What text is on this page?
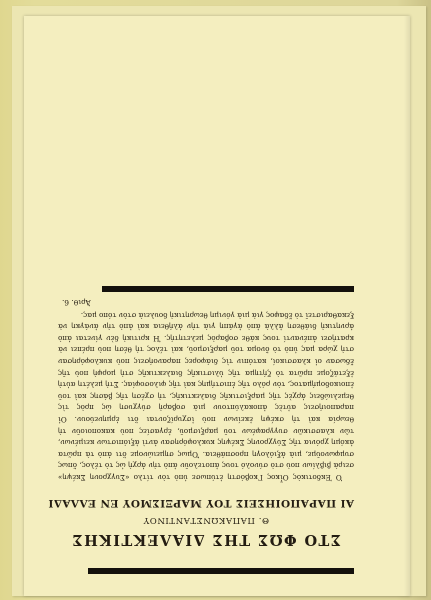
ΣΤΟ ΦΩΣ ΤΗΣ ΔΙΑΛΕΚΤΙΚΗΣ
Θ. ΠΑΠΑΚΩΝΣΤΑΝΤΙΝΟΥ
ΑΙ ΠΑΡΑΠΟΙΗΣΕΙΣ ΤΟΥ ΜΑΡΞΙΣΜΟΥ ΕΝ ΕΛΛΑΔΙ

Ὁ Ἐκδοτικὸς Οἶκος Γκοβόστη ἐτύπωσε ὑπὸ τὸν τίτλο «Συγχρονη Σκέψη» σειρὰ βιβλίων ποὺ στὸ σύνολό τους ἀποτελοῦν ἀπὸ τὴν ἀρχὴ ὡς τὸ τέλος, ὅπως συμφωνοῦμε, μιὰ ἀξιόλογη προσπάθεια. Ὅμως σημειώνομε ὅτι ἀπὸ τὰ πρῶτα ἀκόμη χρόνια τῆς Σύγχρονης Σκέψης κυκλοφόρησαν ἀντὶ ἀξιόπιστων κειμένων, τῶν κλασσικῶν συγγραφέων τοῦ μαρξισμοῦ, ἐργασίες ποὺ κακοποιοῦν τὴ θεωρία καὶ τὴ σκέψη ἐκείνων ποὺ ἰσχυρίζονται ὅτι ἑρμηνεύουν. Οἱ παραποιήσεις αὐτὲς ἀποκαλύπτουν μιὰ σοβαρὴ σύγχυση ὡς πρὸς τὶς θεμελιώδεις ἀρχὲς τῆς μαρξιστικῆς διαλεκτικῆς, τὴ σχέση τῆς βάσης καὶ τοῦ ἐποικοδομήματος, τὸν ρόλο τῆς ἐπιστήμης καὶ τῆς φιλοσοφίας. Στὴ μελέτη αὐτὴ ἐξετάζομε πρῶτα τὸ ζήτημα τῆς ὑλιστικῆς διαλεκτικῆς στὴ μορφὴ ποὺ τῆς ἔδωσαν οἱ κλασσικοί, κατόπιν τὶς διάφορες παρανοήσεις ποὺ κυκλοφόρησαν στὴ χώρα μας ὑπὸ τὸ ὄνομα τοῦ μαρξισμοῦ, καὶ τέλος τὴ θέση ποὺ πρέπει νὰ κρατήσει ἀπέναντί τους κάθε σοβαρὸς μελετητής. Ἡ κριτικὴ δὲν γίνεται ἀπὸ ἀρνητικὴ διάθεση ἀλλὰ ἀπὸ ἀγάπη γιὰ τὴν ἀλήθεια καὶ ἀπὸ τὴν ἀνάγκη νὰ ξεκαθαριστεῖ τὸ ἔδαφος γιὰ μιὰ γόνιμη θεωρητικὴ δουλειὰ στὸν τόπο μας.

Ἀριθ. 6.
